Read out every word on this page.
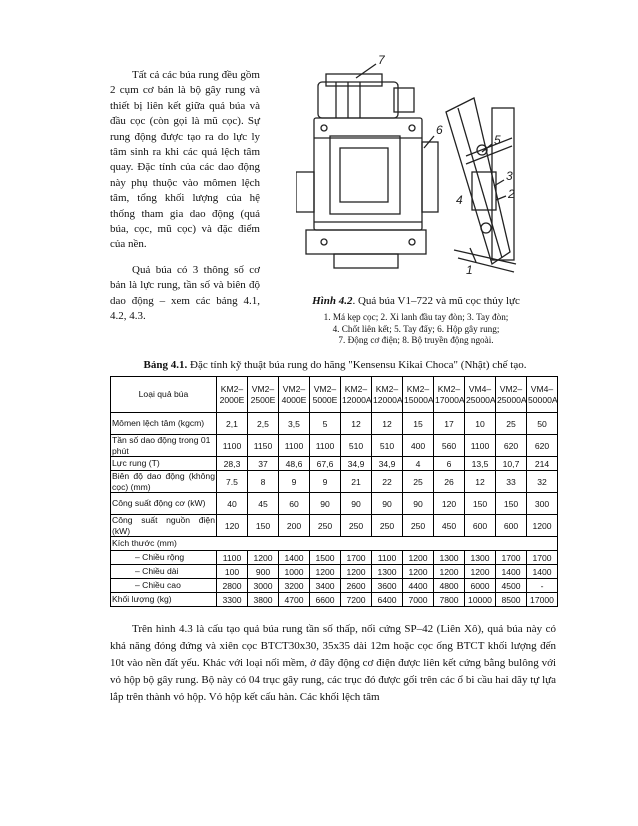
Tất cả các búa rung đều gồm 2 cụm cơ bản là bộ gây rung và thiết bị liên kết giữa quả búa và đầu cọc (còn gọi là mũ cọc). Sự rung động được tạo ra do lực ly tâm sinh ra khi các quả lệch tâm quay. Đặc tính của các dao động này phụ thuộc vào mômen lệch tâm, tổng khối lượng của hệ thống tham gia dao động (quả búa, cọc, mũ cọc) và đặc điểm của nền.

Quả búa có 3 thông số cơ bản là lực rung, tần số và biên độ dao động – xem các bảng 4.1, 4.2, 4.3.

7
6
5
3
2
4
1
Hình 4.2. Quả búa V1–722 và mũ cọc thủy lực
1. Má kẹp cọc; 2. Xi lanh đầu tay đòn; 3. Tay đòn;
4. Chốt liên kết; 5. Tay đẩy; 6. Hộp gây rung;
7. Động cơ điện; 8. Bộ truyền động ngoài.
Bảng 4.1. Đặc tính kỹ thuật búa rung do hãng "Kensensu Kikai Choca" (Nhật) chế tạo.
Loại quả búa	KM2–2000E	VM2–2500E	VM2–4000E	VM2–5000E	KM2–12000A	KM2–12000A	KM2–15000A	KM2–17000A	VM4–25000A	VM2–25000A	VM4–50000A
Mômen lệch tâm (kgcm)	2,1	2,5	3,5	5	12	12	15	17	10	25	50
Tần số dao động trong 01 phút	1100	1150	1100	1100	510	510	400	560	1100	620	620
Lực rung (T)	28,3	37	48,6	67,6	34,9	34,9	4	6	13,5	10,7	214
Biên độ dao động (không cọc) (mm)	7.5	8	9	9	21	22	25	26	12	33	32
Công suất động cơ (kW)	40	45	60	90	90	90	90	120	150	150	300
Công suất nguồn điện (kW)	120	150	200	250	250	250	250	450	600	600	1200
Kích thước (mm)											
– Chiều rộng	1100	1200	1400	1500	1700	1100	1200	1300	1300	1700	1700
– Chiều dài	100	900	1000	1200	1200	1300	1200	1200	1200	1400	1400
– Chiều cao	2800	3000	3200	3400	2600	3600	4400	4800	6000	4500	-
Khối lượng (kg)	3300	3800	4700	6600	7200	6400	7000	7800	10000	8500	17000

Trên hình 4.3 là cấu tạo quả búa rung tần số thấp, nối cứng SP–42 (Liên Xô), quả búa này có khả năng đóng đứng và xiên cọc BTCT30x30, 35x35 dài 12m hoặc cọc ống BTCT khối lượng đến 10t vào nền đất yếu. Khác với loại nối mềm, ở đây động cơ điện được liên kết cứng bằng bulông với vỏ hộp bộ gây rung. Bộ này có 04 trục gây rung, các trục đó được gối trên các ổ bi cầu hai dãy tự lựa lắp trên thành vỏ hộp. Vỏ hộp kết cấu hàn. Các khối lệch tâm
